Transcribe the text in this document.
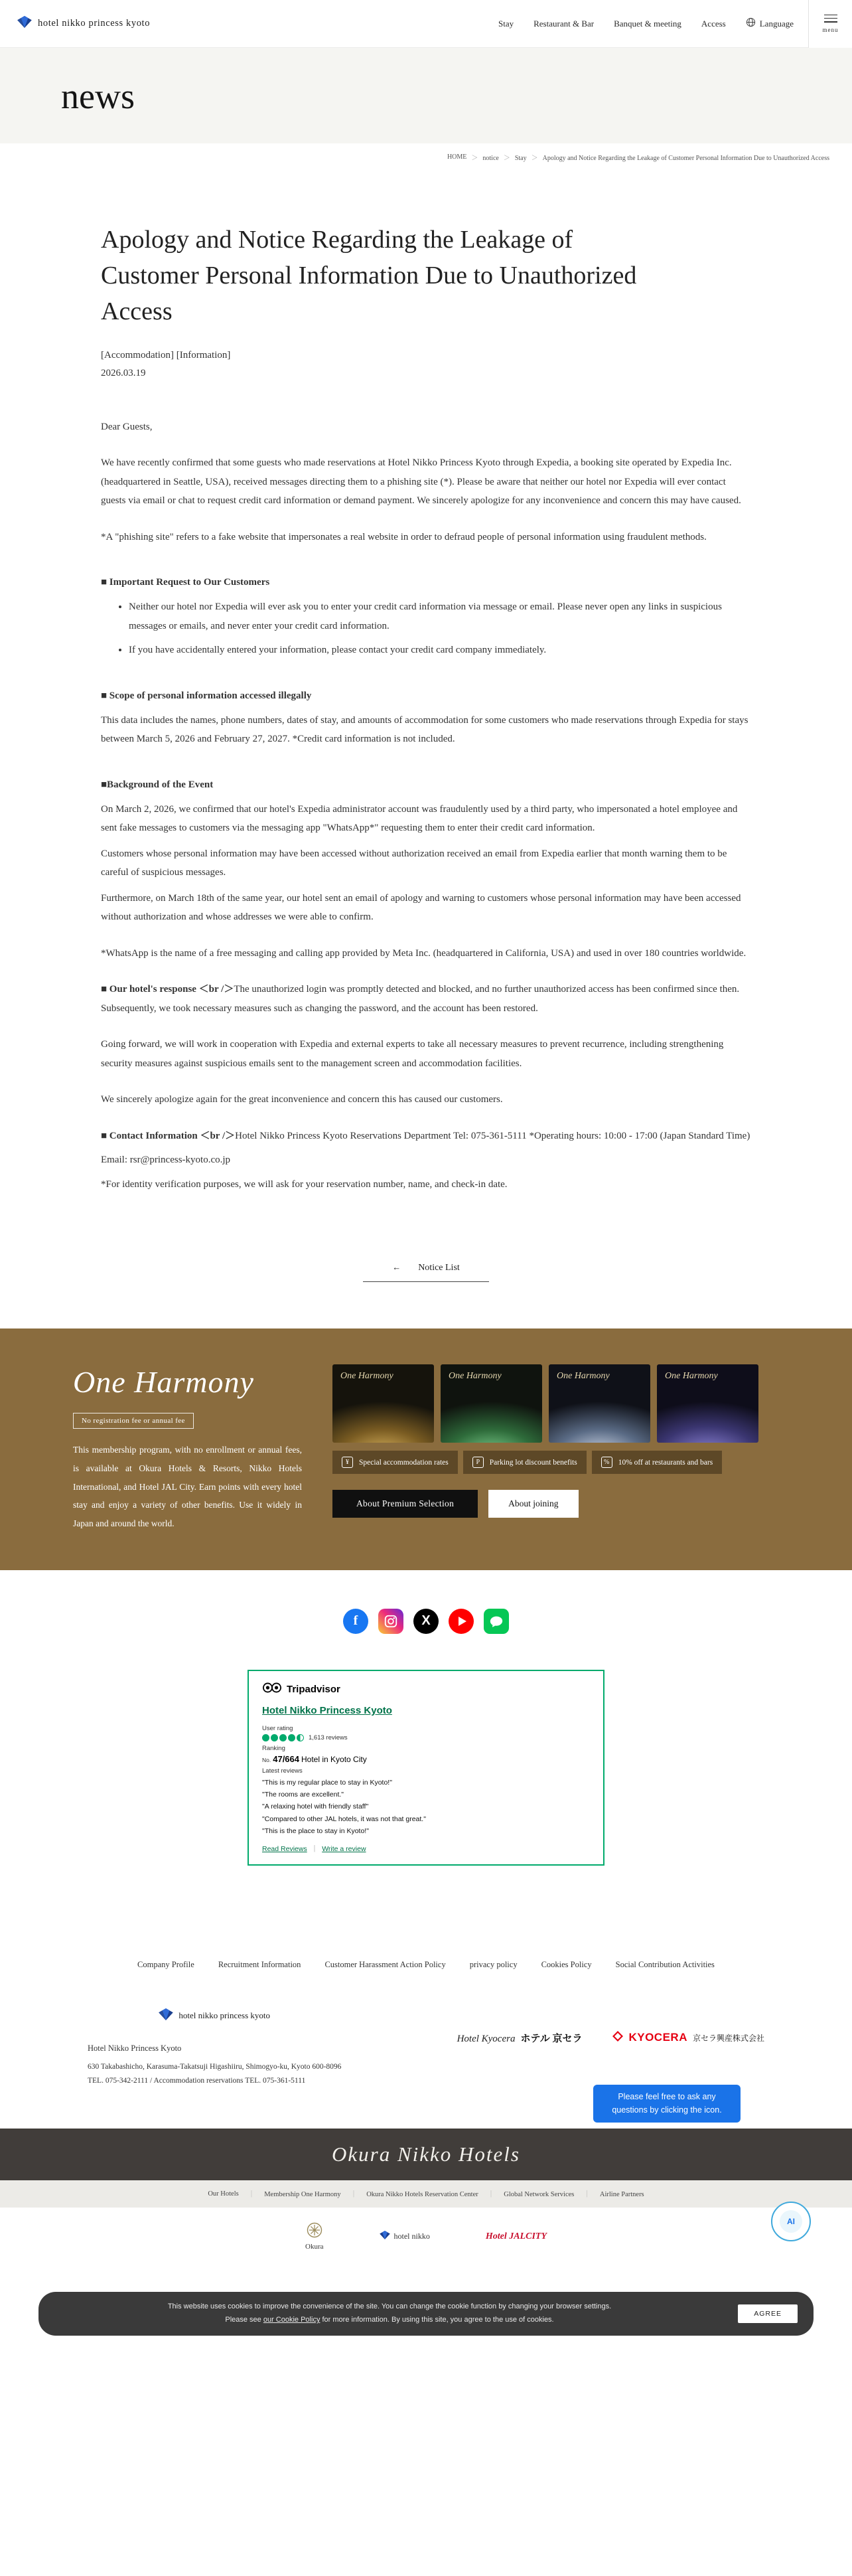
hotel nikko princess kyoto	Stay Restaurant & Bar Banquet & meeting Access	Language
menu
news
HOME	＞ notice	＞ Stay	＞ Apology and Notice Regarding the Leakage of Customer Personal Information Due to Unauthorized Access
Apology and Notice Regarding the Leakage of Customer Personal Information Due to Unauthorized Access
[Accommodation] [Information]
2026.03.19

Dear Guests,

We have recently confirmed that some guests who made reservations at Hotel Nikko Princess Kyoto through Expedia, a booking site operated by Expedia Inc. (headquartered in Seattle, USA), received messages directing them to a phishing site (*). Please be aware that neither our hotel nor Expedia will ever contact guests via email or chat to request credit card information or demand payment. We sincerely apologize for any inconvenience and concern this may have caused.

*A "phishing site" refers to a fake website that impersonates a real website in order to defraud people of personal information using fraudulent methods.

■ Important Request to Our Customers
• Neither our hotel nor Expedia will ever ask you to enter your credit card information via message or email. Please never open any links in suspicious messages or emails, and never enter your credit card information.
• If you have accidentally entered your information, please contact your credit card company immediately.
■ Scope of personal information accessed illegally

This data includes the names, phone numbers, dates of stay, and amounts of accommodation for some customers who made reservations through Expedia for stays between March 5, 2026 and February 27, 2027. *Credit card information is not included.

■Background of the Event

On March 2, 2026, we confirmed that our hotel's Expedia administrator account was fraudulently used by a third party, who impersonated a hotel employee and sent fake messages to customers via the messaging app "WhatsApp*" requesting them to enter their credit card information.

Customers whose personal information may have been accessed without authorization received an email from Expedia earlier that month warning them to be careful of suspicious messages.

Furthermore, on March 18th of the same year, our hotel sent an email of apology and warning to customers whose personal information may have been accessed without authorization and whose addresses we were able to confirm.

*WhatsApp is the name of a free messaging and calling app provided by Meta Inc. (headquartered in California, USA) and used in over 180 countries worldwide.

■ Our hotel's response ＜br /＞The unauthorized login was promptly detected and blocked, and no further unauthorized access has been confirmed since then. Subsequently, we took necessary measures such as changing the password, and the account has been restored.

Going forward, we will work in cooperation with Expedia and external experts to take all necessary measures to prevent recurrence, including strengthening security measures against suspicious emails sent to the management screen and accommodation facilities.

We sincerely apologize again for the great inconvenience and concern this has caused our customers.

■ Contact Information ＜br /＞Hotel Nikko Princess Kyoto Reservations Department Tel: 075-361-5111 *Operating hours: 10:00 - 17:00 (Japan Standard Time)

Email: rsr@princess-kyoto.co.jp

*For identity verification purposes, we will ask for your reservation number, name, and check-in date.

←
Notice List
One Harmony
No registration fee or annual fee

This membership program, with no enrollment or annual fees, is available at Okura Hotels & Resorts, Nikko Hotels International, and Hotel JAL City. Earn points with every hotel stay and enjoy a variety of other benefits. Use it widely in Japan and around the world.

One Harmony	One Harmony	One Harmony	One Harmony
¥
Special accommodation rates P	Parking lot discount benefits %	10% off at restaurants and bars
About Premium Selection	About joining
f
X
Tripadvisor
Hotel Nikko Princess Kyoto
User rating
1,613 reviews
Ranking
No. 47/664 Hotel in Kyoto City
Latest reviews
"This is my regular place to stay in Kyoto!"
"The rooms are excellent."
"A relaxing hotel with friendly staff"
"Compared to other JAL hotels, it was not that great."
"This is the place to stay in Kyoto!"
Read Reviews ｜ Write a review
Company Profile	Recruitment Information	Customer Harassment Action Policy	privacy policy	Cookies Policy	Social Contribution Activities
hotel nikko princess kyoto

Hotel Nikko Princess Kyoto

630 Takabashicho, Karasuma-Takatsuji Higashiiru, Shimogyo-ku, Kyoto 600-8096

TEL. 075-342-2111 / Accommodation reservations TEL. 075-361-5111

Hotel Kyocera ホテル 京セラ	KYOCERA 京セラ興産株式会社
Please feel free to ask any questions by clicking the icon.
AI
Okura Nikko Hotels
Our Hotels	｜ Membership One Harmony	｜ Okura Nikko Hotels Reservation Center	｜ Global Network Services	｜ Airline Partners
Okura
hotel nikko	Hotel JALCITY

This website uses cookies to improve the convenience of the site. You can change the cookie function by changing your browser settings.

Please see our Cookie Policy for more information. By using this site, you agree to the use of cookies.

AGREE
